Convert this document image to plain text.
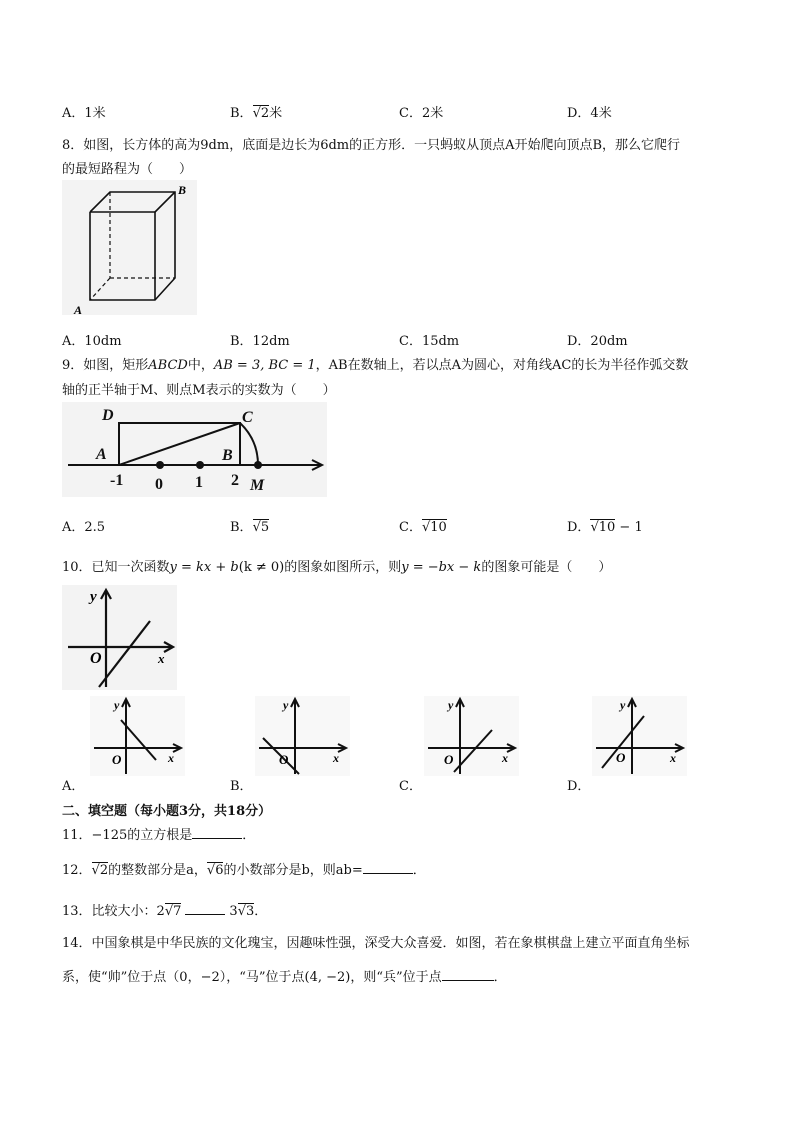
A．1米	B．√2米	C．2米	D．4米
8．如图，长方体的高为9dm，底面是边长为6dm的正方形．一只蚂蚁从顶点A开始爬向顶点B，那么它爬行
的最短路程为（　　）
B
A
A．10dm	B．12dm	C．15dm	D．20dm
9．如图，矩形ABCD中，AB = 3, BC = 1，AB在数轴上，若以点A为圆心，对角线AC的长为半径作弧交数
轴的正半轴于M、则点M表示的实数为（　　）
D	C
A	B
M
-1 0 1 2
A．2.5	B．√5	C．√10	D．√10 − 1
10．已知一次函数y = kx + b(k ≠ 0)的图象如图所示，则y = −bx − k的图象可能是（　　）
y
x
O
y
x
O
y
x
O
y
x
O
y
x
O
A．	B．	C．	D．
二、填空题（每小题3分，共18分）
11．−125的立方根是	．
12．√2的整数部分是a，√6的小数部分是b，则ab=	．
13．比较大小：2√7	3√3．
14．中国象棋是中华民族的文化瑰宝，因趣味性强，深受大众喜爱．如图，若在象棋棋盘上建立平面直角坐标
系，使“帅”位于点（0，−2），“马”位于点(4, −2)，则“兵”位于点	．
